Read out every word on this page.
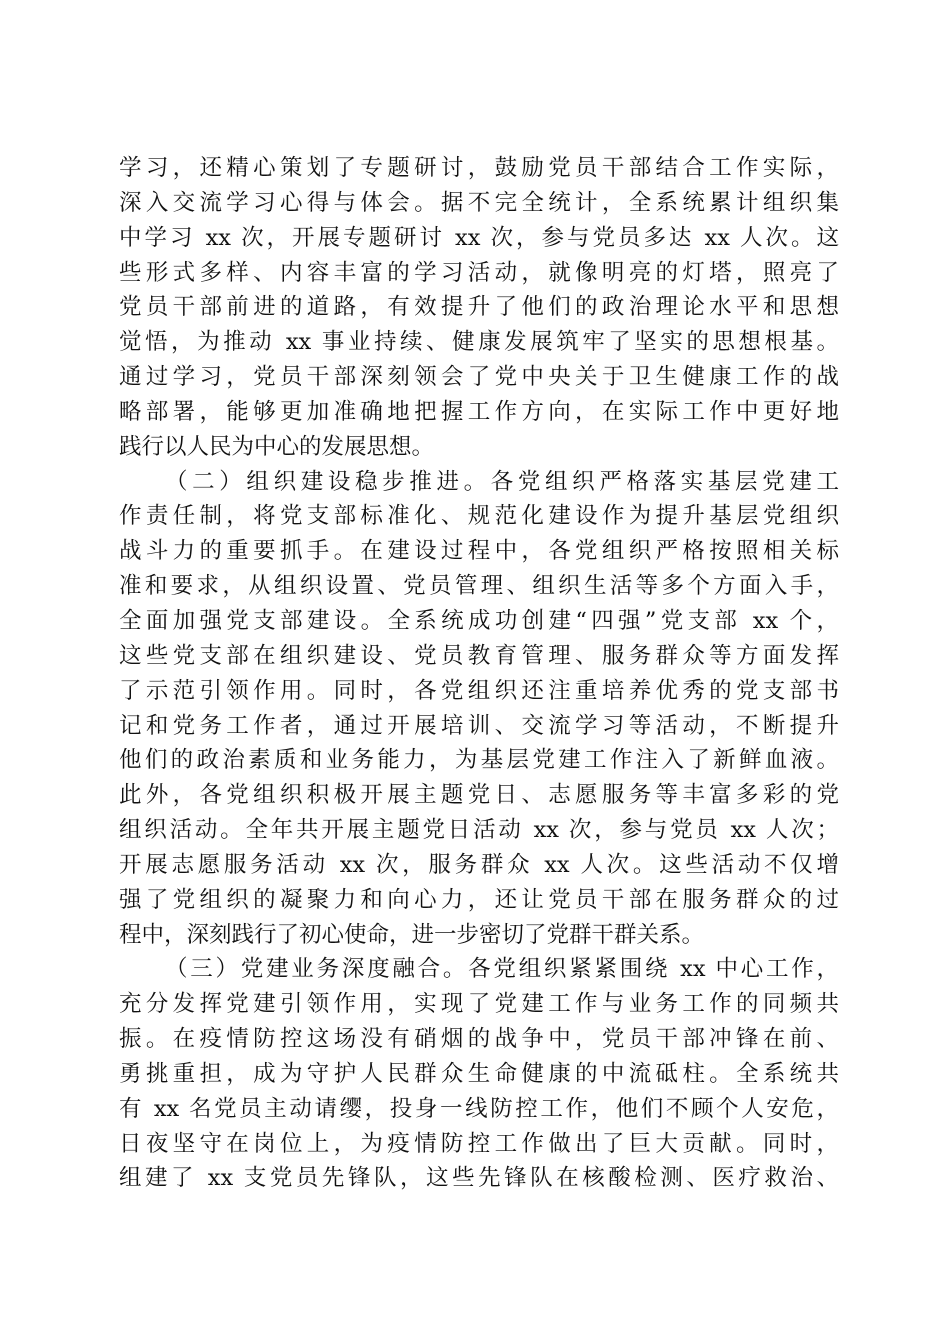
学习，还精心策划了专题研讨，鼓励党员干部结合工作实际，
深入交流学习心得与体会。据不完全统计，全系统累计组织集
中学习 xx 次，开展专题研讨 xx 次，参与党员多达 xx 人次。这
些形式多样、内容丰富的学习活动，就像明亮的灯塔，照亮了
党员干部前进的道路，有效提升了他们的政治理论水平和思想
觉悟，为推动 xx 事业持续、健康发展筑牢了坚实的思想根基。
通过学习，党员干部深刻领会了党中央关于卫生健康工作的战
略部署，能够更加准确地把握工作方向，在实际工作中更好地
践行以人民为中心的发展思想。
（二）组织建设稳步推进。各党组织严格落实基层党建工
作责任制，将党支部标准化、规范化建设作为提升基层党组织
战斗力的重要抓手。在建设过程中，各党组织严格按照相关标
准和要求，从组织设置、党员管理、组织生活等多个方面入手，
全面加强党支部建设。全系统成功创建“四强”党支部 xx 个，
这些党支部在组织建设、党员教育管理、服务群众等方面发挥
了示范引领作用。同时，各党组织还注重培养优秀的党支部书
记和党务工作者，通过开展培训、交流学习等活动，不断提升
他们的政治素质和业务能力，为基层党建工作注入了新鲜血液。
此外，各党组织积极开展主题党日、志愿服务等丰富多彩的党
组织活动。全年共开展主题党日活动 xx 次，参与党员 xx 人次；
开展志愿服务活动 xx 次，服务群众 xx 人次。这些活动不仅增
强了党组织的凝聚力和向心力，还让党员干部在服务群众的过
程中，深刻践行了初心使命，进一步密切了党群干群关系。
（三）党建业务深度融合。各党组织紧紧围绕 xx 中心工作，
充分发挥党建引领作用，实现了党建工作与业务工作的同频共
振。在疫情防控这场没有硝烟的战争中，党员干部冲锋在前、
勇挑重担，成为守护人民群众生命健康的中流砥柱。全系统共
有 xx 名党员主动请缨，投身一线防控工作，他们不顾个人安危，
日夜坚守在岗位上，为疫情防控工作做出了巨大贡献。同时，
组建了 xx 支党员先锋队，这些先锋队在核酸检测、医疗救治、
